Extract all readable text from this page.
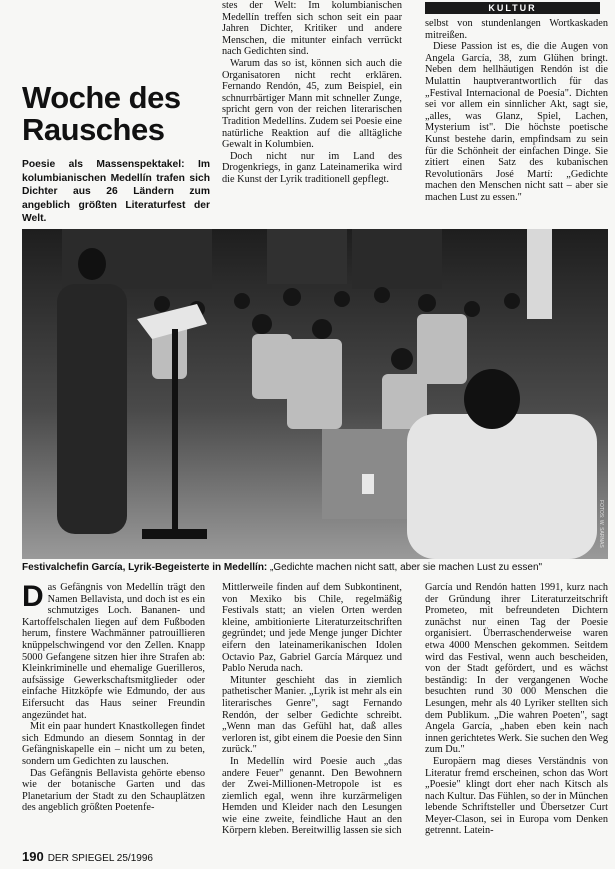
KULTUR
Woche des Rausches
Poesie als Massenspektakel: Im kolumbianischen Medellín trafen sich Dichter aus 26 Ländern zum angeblich größten Literaturfest der Welt.

stes der Welt: Im kolumbianischen Medellín treffen sich schon seit ein paar Jahren Dichter, Kritiker und andere Menschen, die mitunter einfach verrückt nach Gedichten sind.

Warum das so ist, können sich auch die Organisatoren nicht recht erklären. Fernando Rendón, 45, zum Beispiel, ein schnurrbärtiger Mann mit schneller Zunge, spricht gern von der reichen literarischen Tradition Medellíns. Zudem sei Poesie eine natürliche Reaktion auf die alltägliche Gewalt in Kolumbien.

Doch nicht nur im Land des Drogenkriegs, in ganz Lateinamerika wird die Kunst der Lyrik traditionell gepflegt.

selbst von stundenlangen Wortkaskaden mitreißen.

Diese Passion ist es, die die Augen von Angela García, 38, zum Glühen bringt. Neben dem hellhäutigen Rendón ist die Mulattin hauptverantwortlich für das „Festival Internacional de Poesía". Dichten sei vor allem ein sinnlicher Akt, sagt sie, „alles, was Glanz, Spiel, Lachen, Mysterium ist". Die höchste poetische Kunst bestehe darin, empfindsam zu sein für die Schönheit der einfachen Dinge. Sie zitiert einen Satz des kubanischen Revolutionärs José Martí: „Gedichte machen den Menschen nicht satt – aber sie machen Lust zu essen."

FOTOS: W. SARNAS
Festivalchefin García, Lyrik-Begeisterte in Medellín: „Gedichte machen nicht satt, aber sie machen Lust zu essen"

Das Gefängnis von Medellín trägt den Namen Bellavista, und doch ist es ein schmutziges Loch. Bananen- und Kartoffelschalen liegen auf dem Fußboden herum, finstere Wachmänner patrouillieren knüppelschwingend vor den Zellen. Knapp 5000 Gefangene sitzen hier ihre Strafen ab: Kleinkriminelle und ehemalige Guerilleros, aufsässige Gewerkschaftsmitglieder oder einfache Hitzköpfe wie Edmundo, der aus Eifersucht das Haus seiner Freundin angezündet hat.

Mit ein paar hundert Knastkollegen findet sich Edmundo an diesem Sonntag in der Gefängniskapelle ein – nicht um zu beten, sondern um Gedichten zu lauschen.

Das Gefängnis Bellavista gehörte ebenso wie der botanische Garten und das Planetarium der Stadt zu den Schauplätzen des angeblich größten Poetenfe-

Mittlerweile finden auf dem Subkontinent, von Mexiko bis Chile, regelmäßig Festivals statt; an vielen Orten werden kleine, ambitionierte Literaturzeitschriften gegründet; und jede Menge junger Dichter eifern den lateinamerikanischen Idolen Octavio Paz, Gabriel García Márquez und Pablo Neruda nach.

Mitunter geschieht das in ziemlich pathetischer Manier. „Lyrik ist mehr als ein literarisches Genre", sagt Fernando Rendón, der selber Gedichte schreibt. „Wenn man das Gefühl hat, daß alles verloren ist, gibt einem die Poesie den Sinn zurück."

In Medellín wird Poesie auch „das andere Feuer" genannt. Den Bewohnern der Zwei-Millionen-Metropole ist es ziemlich egal, wenn ihre kurzärmeligen Hemden und Kleider nach den Lesungen wie eine zweite, feindliche Haut an den Körpern kleben. Bereitwillig lassen sie sich

García und Rendón hatten 1991, kurz nach der Gründung ihrer Literaturzeitschrift Prometeo, mit befreundeten Dichtern zunächst nur einen Tag der Poesie organisiert. Überraschenderweise waren etwa 4000 Menschen gekommen. Seitdem wird das Festival, wenn auch bescheiden, von der Stadt gefördert, und es wächst beständig: In der vergangenen Woche besuchten rund 30 000 Menschen die Lesungen, mehr als 40 Lyriker stellten sich dem Publikum. „Die wahren Poeten", sagt Angela García, „haben eben kein nach innen gerichtetes Werk. Sie suchen den Weg zum Du."

Europäern mag dieses Verständnis von Literatur fremd erscheinen, schon das Wort „Poesie" klingt dort eher nach Kitsch als nach Kultur. Das Fühlen, so der in München lebende Schriftsteller und Übersetzer Curt Meyer-Clason, sei in Europa vom Denken getrennt. Latein-

190 DER SPIEGEL 25/1996
